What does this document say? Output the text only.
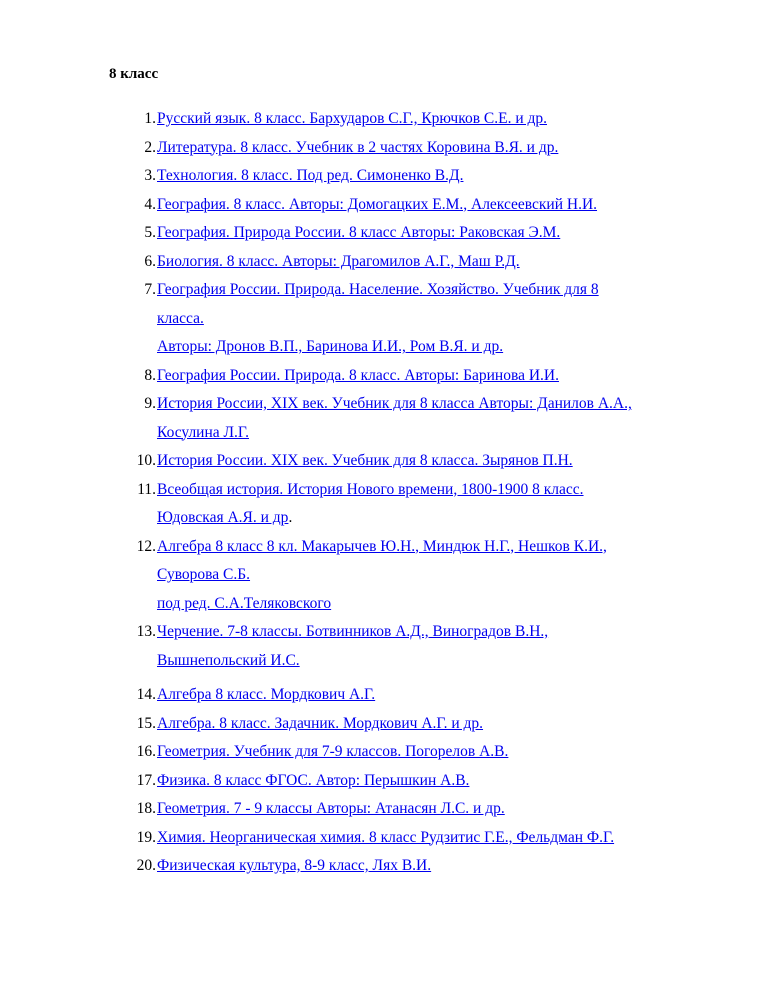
8 класс
1. Русский язык. 8 класс. Бархударов С.Г., Крючков С.Е. и др.
2. Литература. 8 класс. Учебник в 2 частях Коровина В.Я. и др.
3. Технология. 8 класс. Под ред. Симоненко В.Д.
4. География. 8 класс. Авторы: Домогацких Е.М., Алексеевский Н.И.
5. География. Природа России. 8 класс Авторы: Раковская Э.М.
6. Биология. 8 класс. Авторы: Драгомилов А.Г., Маш Р.Д.
7. География России. Природа. Население. Хозяйство. Учебник для 8
класса.
Авторы: Дронов В.П., Баринова И.И., Ром В.Я. и др.
8. География России. Природа. 8 класс. Авторы: Баринова И.И.
9. История России, XIX век. Учебник для 8 класса Авторы: Данилов А.А.,
Косулина Л.Г.
10. История России. XIX век. Учебник для 8 класса. Зырянов П.Н.
11. Всеобщая история. История Нового времени, 1800-1900 8 класс.
Юдовская А.Я. и др.
12. Алгебра 8 класс 8 кл. Макарычев Ю.Н., Миндюк Н.Г., Нешков К.И.,
Суворова С.Б.
под ред. С.А.Теляковского
13. Черчение. 7-8 классы. Ботвинников А.Д., Виноградов В.Н.,
Вышнепольский И.С.
14. Алгебра 8 класс. Мордкович А.Г.
15. Алгебра. 8 класс. Задачник. Мордкович А.Г. и др.
16. Геометрия. Учебник для 7-9 классов. Погорелов А.В.
17. Физика. 8 класс ФГОС. Автор: Перышкин А.В.
18. Геометрия. 7 - 9 классы Авторы: Атанасян Л.С. и др.
19. Химия. Неорганическая химия. 8 класс Рудзитис Г.Е., Фельдман Ф.Г.
20. Физическая культура, 8-9 класс, Лях В.И.
